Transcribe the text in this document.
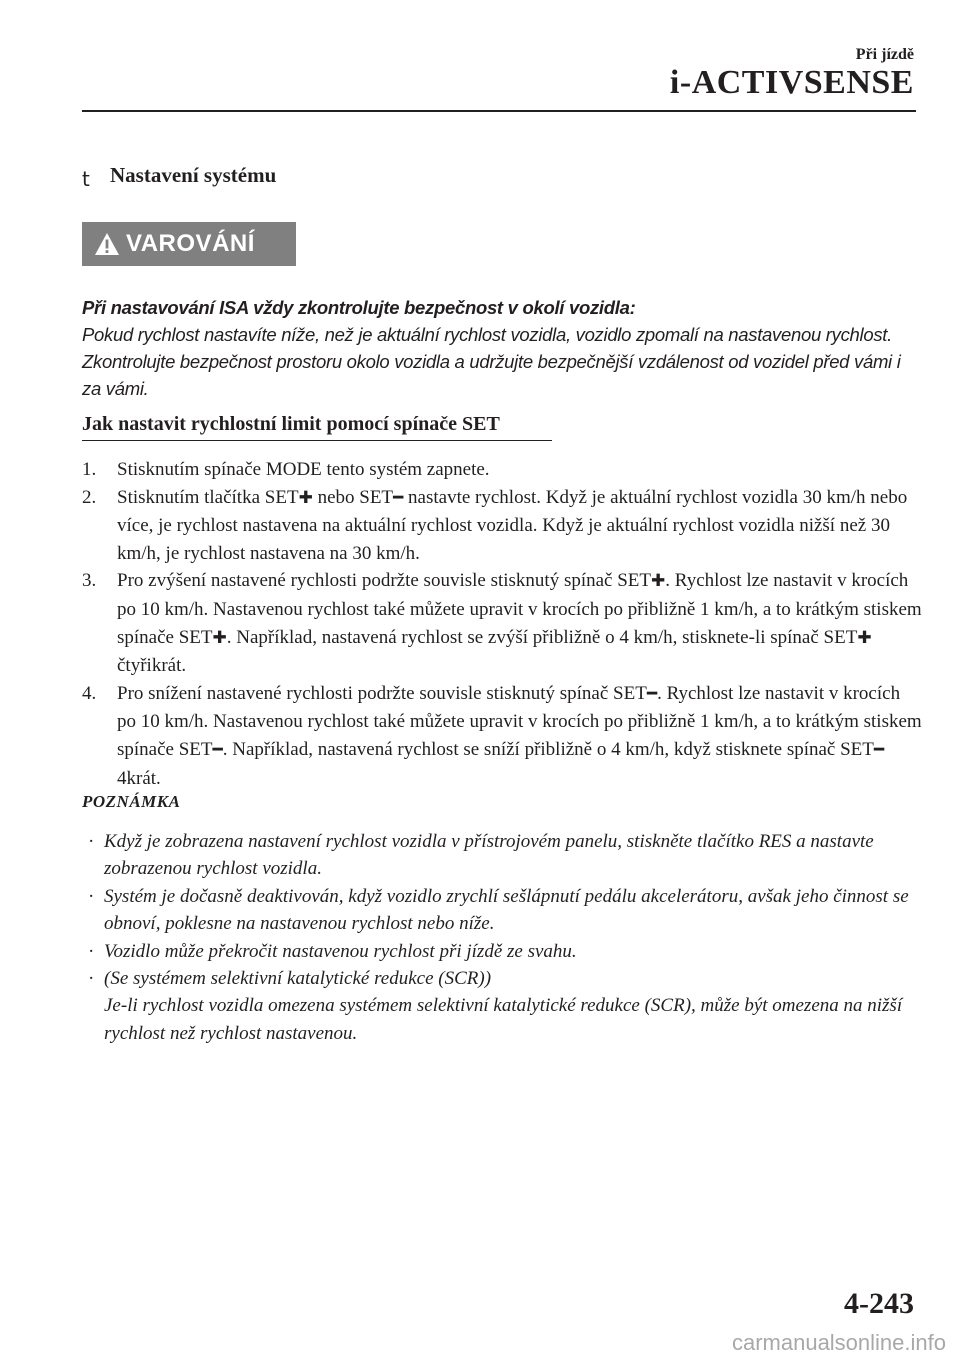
Při jízdě
i-ACTIVSENSE
t Nastavení systému
VAROVÁNÍ
Při nastavování ISA vždy zkontrolujte bezpečnost v okolí vozidla:
Pokud rychlost nastavíte níže, než je aktuální rychlost vozidla, vozidlo zpomalí na nastavenou rychlost. Zkontrolujte bezpečnost prostoru okolo vozidla a udržujte bezpečnější vzdálenost od vozidel před vámi i za vámi.
Jak nastavit rychlostní limit pomocí spínače SET
1. Stisknutím spínače MODE tento systém zapnete.
2. Stisknutím tlačítka SET✚ nebo SET━ nastavte rychlost. Když je aktuální rychlost vozidla 30 km/h nebo více, je rychlost nastavena na aktuální rychlost vozidla. Když je aktuální rychlost vozidla nižší než 30 km/h, je rychlost nastavena na 30 km/h.
3. Pro zvýšení nastavené rychlosti podržte souvisle stisknutý spínač SET✚. Rychlost lze nastavit v krocích po 10 km/h. Nastavenou rychlost také můžete upravit v krocích po přibližně 1 km/h, a to krátkým stiskem spínače SET✚. Například, nastavená rychlost se zvýší přibližně o 4 km/h, stisknete-li spínač SET✚ čtyřikrát.
4. Pro snížení nastavené rychlosti podržte souvisle stisknutý spínač SET━. Rychlost lze nastavit v krocích po 10 km/h. Nastavenou rychlost také můžete upravit v krocích po přibližně 1 km/h, a to krátkým stiskem spínače SET━. Například, nastavená rychlost se sníží přibližně o 4 km/h, když stisknete spínač SET━ 4krát.
POZNÁMKA
· Když je zobrazena nastavení rychlost vozidla v přístrojovém panelu, stiskněte tlačítko RES a nastavte zobrazenou rychlost vozidla.
· Systém je dočasně deaktivován, když vozidlo zrychlí sešlápnutí pedálu akcelerátoru, avšak jeho činnost se obnoví, poklesne na nastavenou rychlost nebo níže.
· Vozidlo může překročit nastavenou rychlost při jízdě ze svahu.
· (Se systémem selektivní katalytické redukce (SCR))
Je-li rychlost vozidla omezena systémem selektivní katalytické redukce (SCR), může být omezena na nižší rychlost než rychlost nastavenou.
4-243
carmanualsonline.info
